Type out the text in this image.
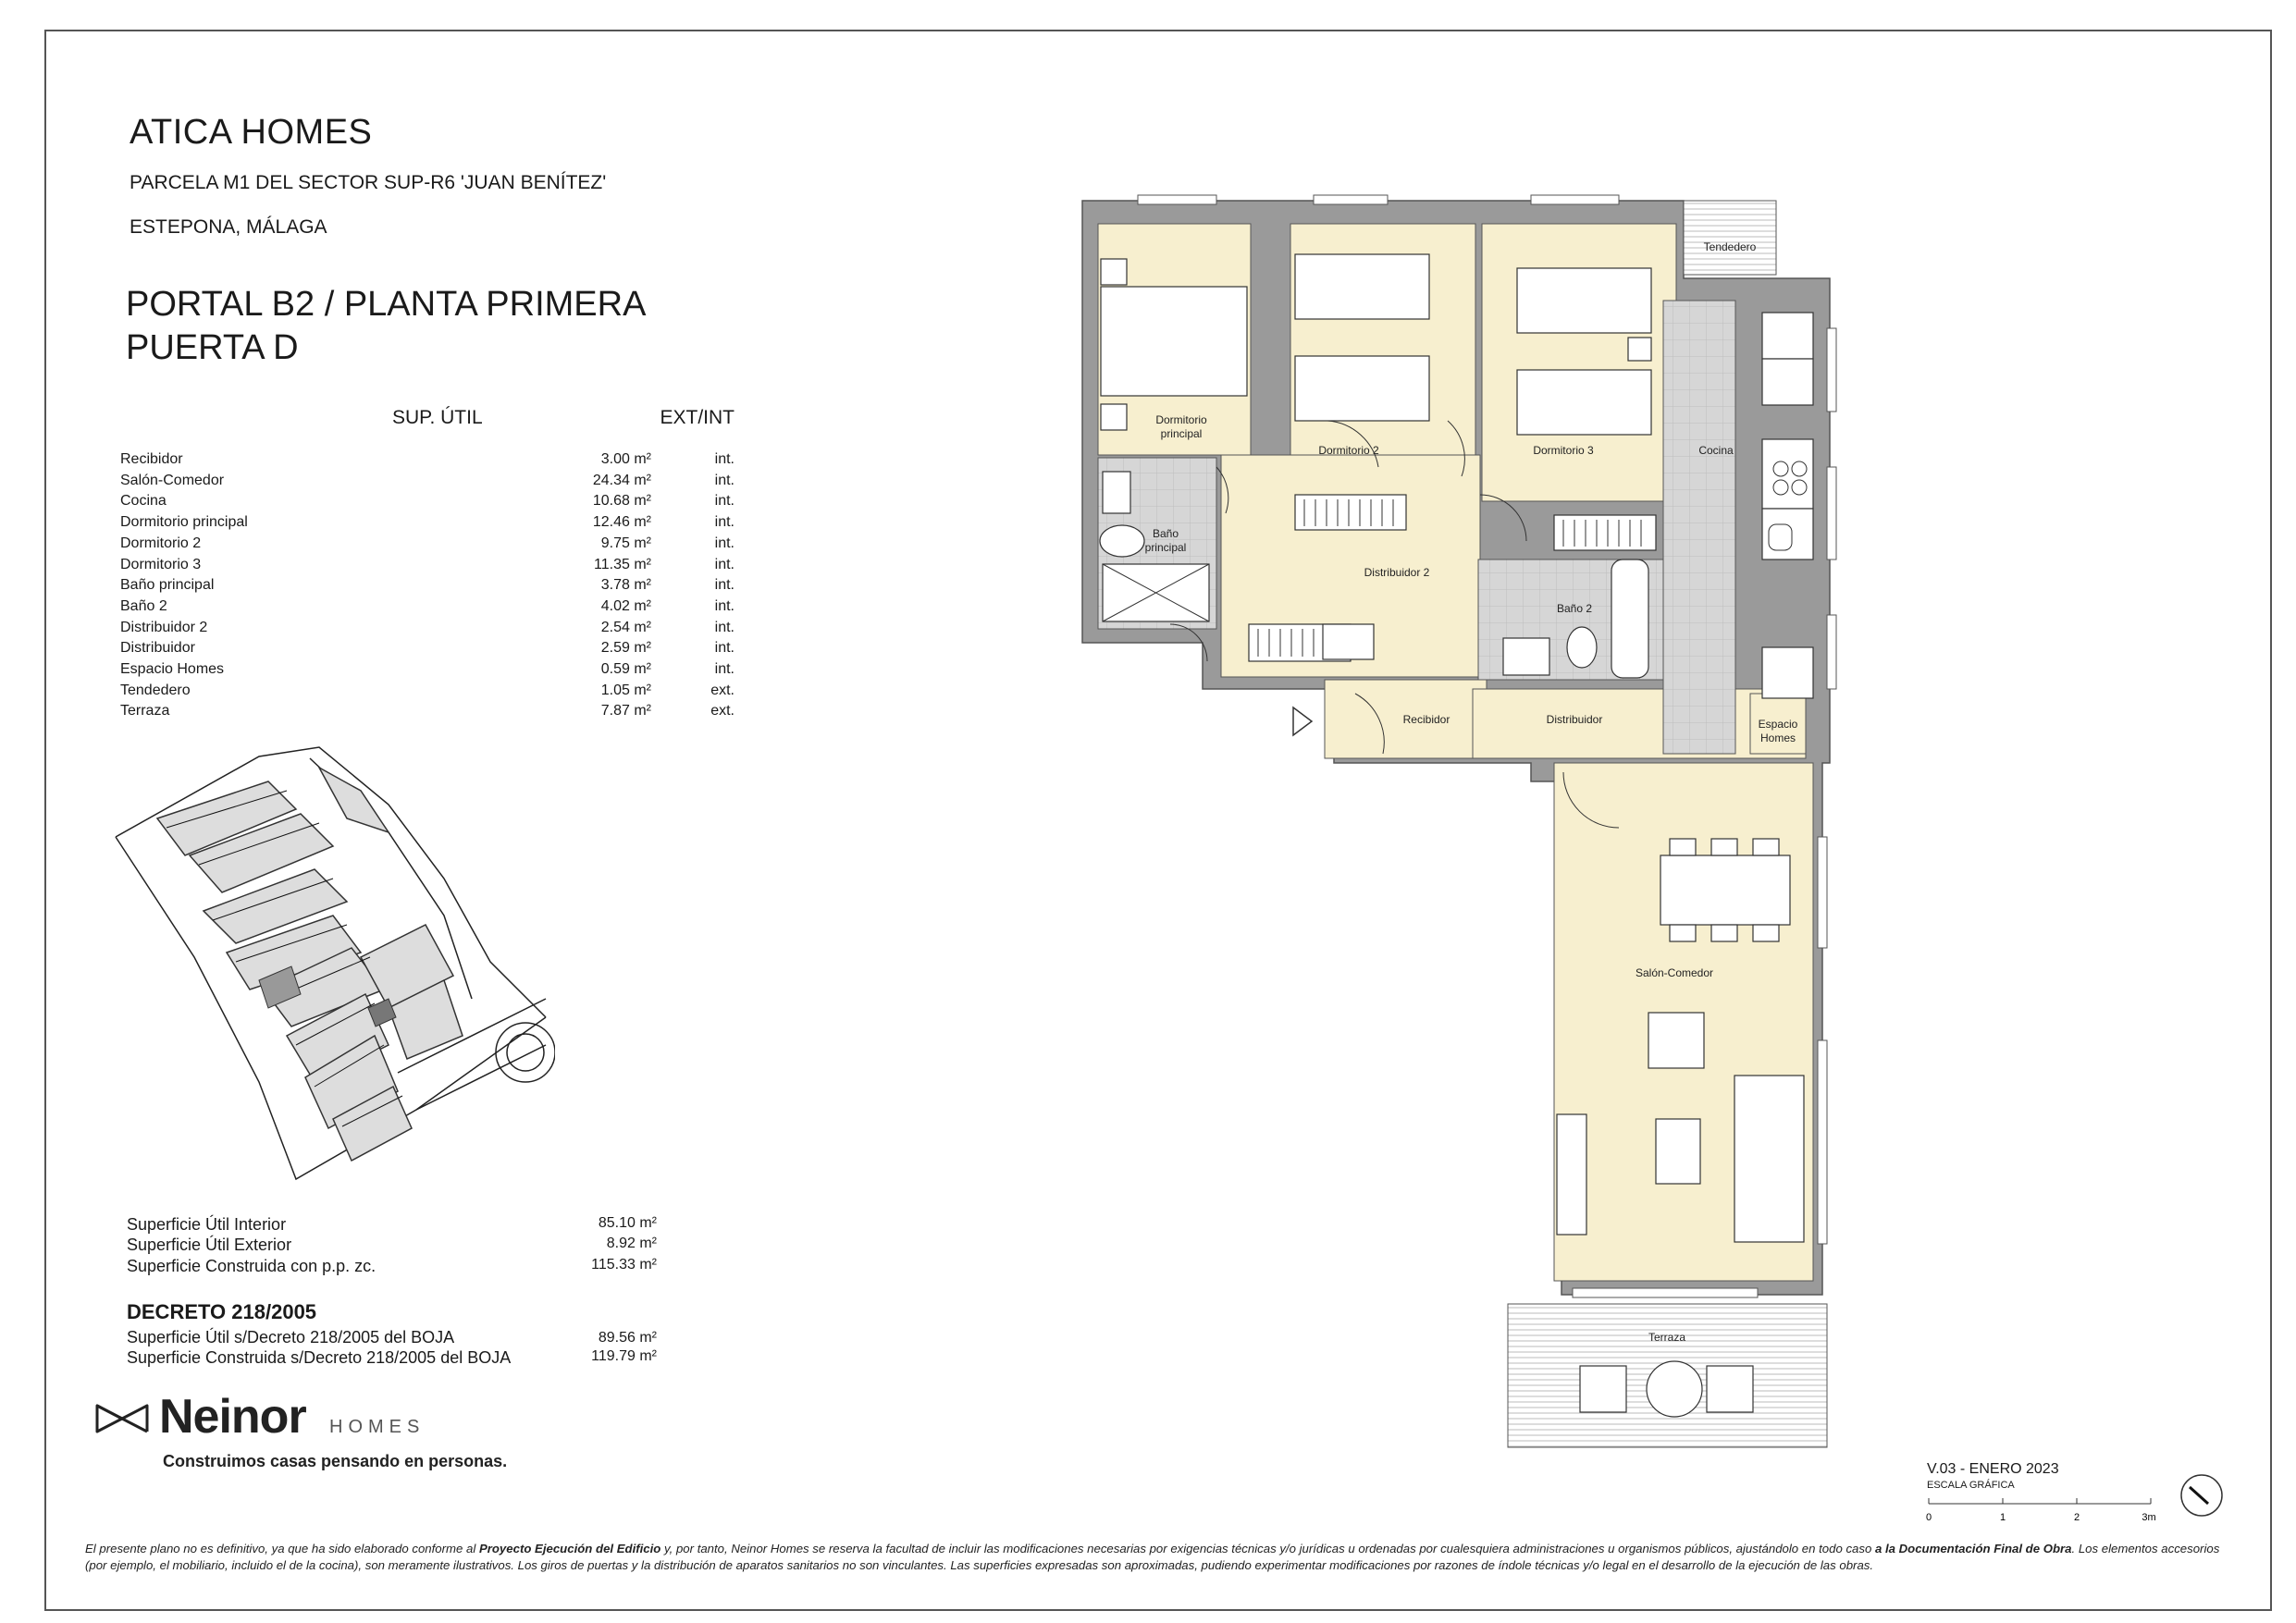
ATICA HOMES
PARCELA M1 DEL SECTOR SUP-R6 'JUAN BENÍTEZ'
ESTEPONA, MÁLAGA
PORTAL B2 / PLANTA PRIMERA
PUERTA D
	SUP. ÚTIL	EXT/INT
Recibidor	3.00 m²	int.
Salón-Comedor	24.34 m²	int.
Cocina	10.68 m²	int.
Dormitorio principal	12.46 m²	int.
Dormitorio 2	9.75 m²	int.
Dormitorio 3	11.35 m²	int.
Baño principal	3.78 m²	int.
Baño 2	4.02 m²	int.
Distribuidor 2	2.54 m²	int.
Distribuidor	2.59 m²	int.
Espacio Homes	0.59 m²	int.
Tendedero	1.05 m²	ext.
Terraza	7.87 m²	ext.
Superficie Útil Interior	85.10 m²
Superficie Útil Exterior	8.92 m²
Superficie Construida con p.p. zc.	115.33 m²
DECRETO 218/2005
Superficie Útil s/Decreto 218/2005 del BOJA	89.56 m²
Superficie Construida s/Decreto 218/2005 del BOJA	119.79 m²
Neinor HOMES
Construimos casas pensando en personas.
Dormitorio
principal
Dormitorio 2	Dormitorio 3
Tendedero
Cocina
Baño
principal
Distribuidor 2
Baño 2
Espacio
Homes
Recibidor	Distribuidor
Salón-Comedor
Terraza
V.03 - ENERO 2023
ESCALA GRÁFICA
0	1	2	3m
El presente plano no es definitivo, ya que ha sido elaborado conforme al Proyecto Ejecución del Edificio y, por tanto, Neinor Homes se reserva la facultad de incluir las modificaciones necesarias por exigencias técnicas y/o jurídicas u ordenadas por cualesquiera administraciones u organismos públicos, ajustándolo en todo caso a la Documentación Final de Obra. Los elementos accesorios (por ejemplo, el mobiliario, incluido el de la cocina), son meramente ilustrativos. Los giros de puertas y la distribución de aparatos sanitarios no son vinculantes. Las superficies expresadas son aproximadas, pudiendo experimentar modificaciones por razones de índole técnicas y/o legal en el desarrollo de la ejecución de las obras.
